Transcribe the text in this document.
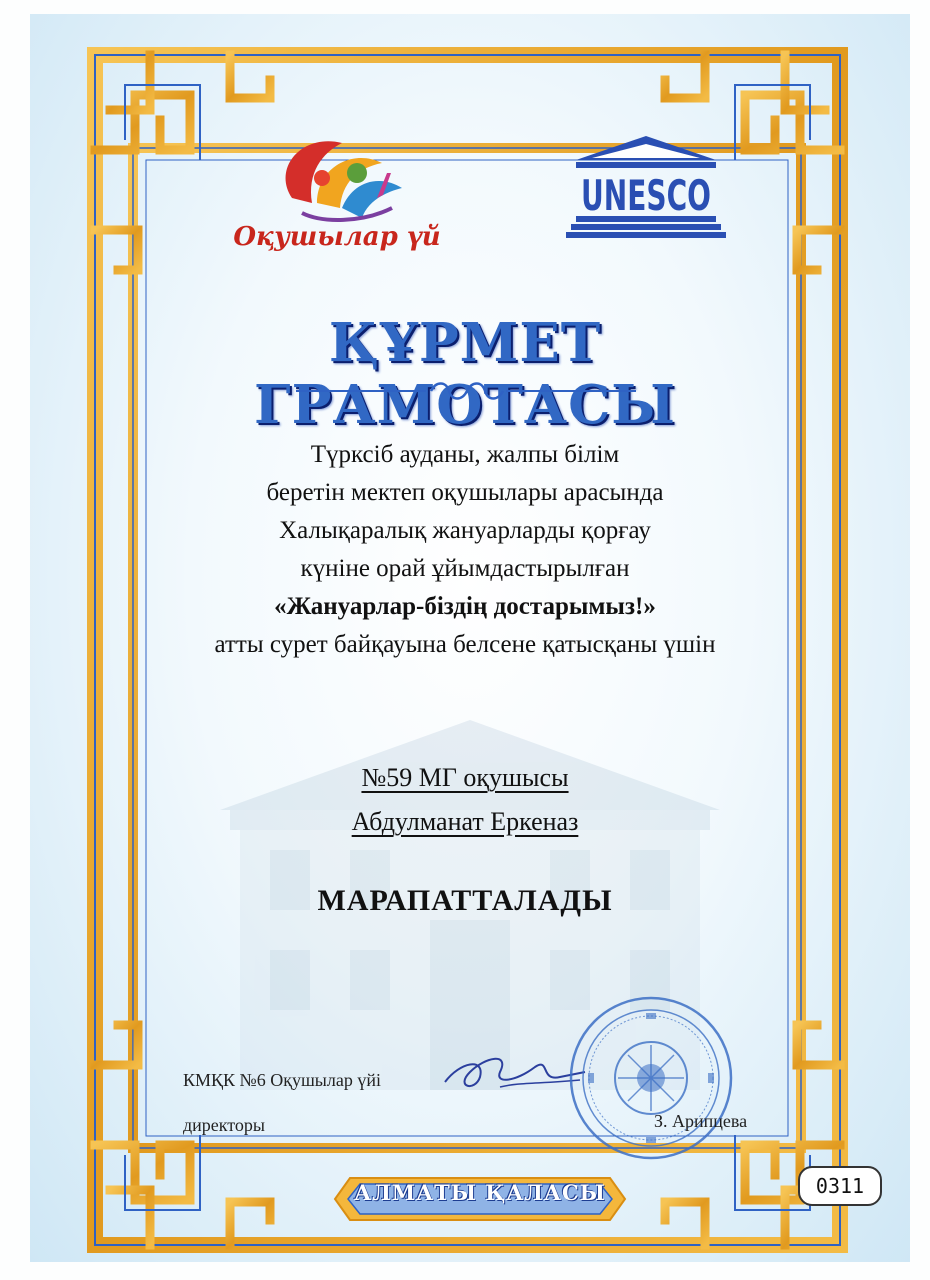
Оқушылар үй
UNESCO
ҚҰРМЕТ ГРАМОТАСЫ
Түрксіб ауданы, жалпы білім
беретін мектеп оқушылары арасында
Халықаралық жануарларды қорғау
күніне орай ұйымдастырылған
«Жануарлар-біздің достарымыз!»
атты сурет байқауына белсене қатысқаны үшін
№59 МГ оқушысы
Абдулманат Еркеназ
МАРАПАТТАЛАДЫ
КМҚК №6 Оқушылар үйі
директоры	З. Арипцева
АЛМАТЫ ҚАЛАСЫ	0311
